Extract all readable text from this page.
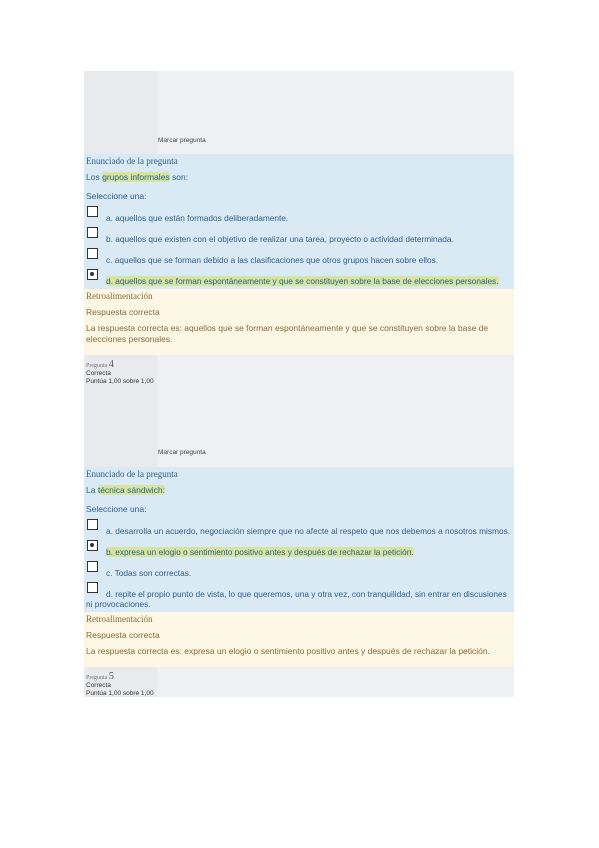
Marcar pregunta
Enunciado de la pregunta
Los grupos informales son:
Seleccione una:
a. aquellos que están formados deliberadamente.
b. aquellos que existen con el objetivo de realizar una tarea, proyecto o actividad determinada.
c. aquellos que se forman debido a las clasificaciones que otros grupos hacen sobre ellos.
d. aquellos que se forman espontáneamente y que se constituyen sobre la base de elecciones personales.
Retroalimentación
Respuesta correcta
La respuesta correcta es: aquellos que se forman espontáneamente y que se constituyen sobre la base de elecciones personales.
Pregunta 4
Correcta
Puntúa 1,00 sobre 1,00
Marcar pregunta
Enunciado de la pregunta
La técnica sándwich:
Seleccione una:
a. desarrolla un acuerdo, negociación siempre que no afecte al respeto que nos debemos a nosotros mismos.
b. expresa un elogio o sentimiento positivo antes y después de rechazar la petición.
c. Todas son correctas.
d. repite el propio punto de vista, lo que queremos, una y otra vez, con tranquilidad, sin entrar en discusiones ni provocaciones.
Retroalimentación
Respuesta correcta
La respuesta correcta es: expresa un elogio o sentimiento positivo antes y después de rechazar la petición.
Pregunta 5
Correcta
Puntúa 1,00 sobre 1,00
